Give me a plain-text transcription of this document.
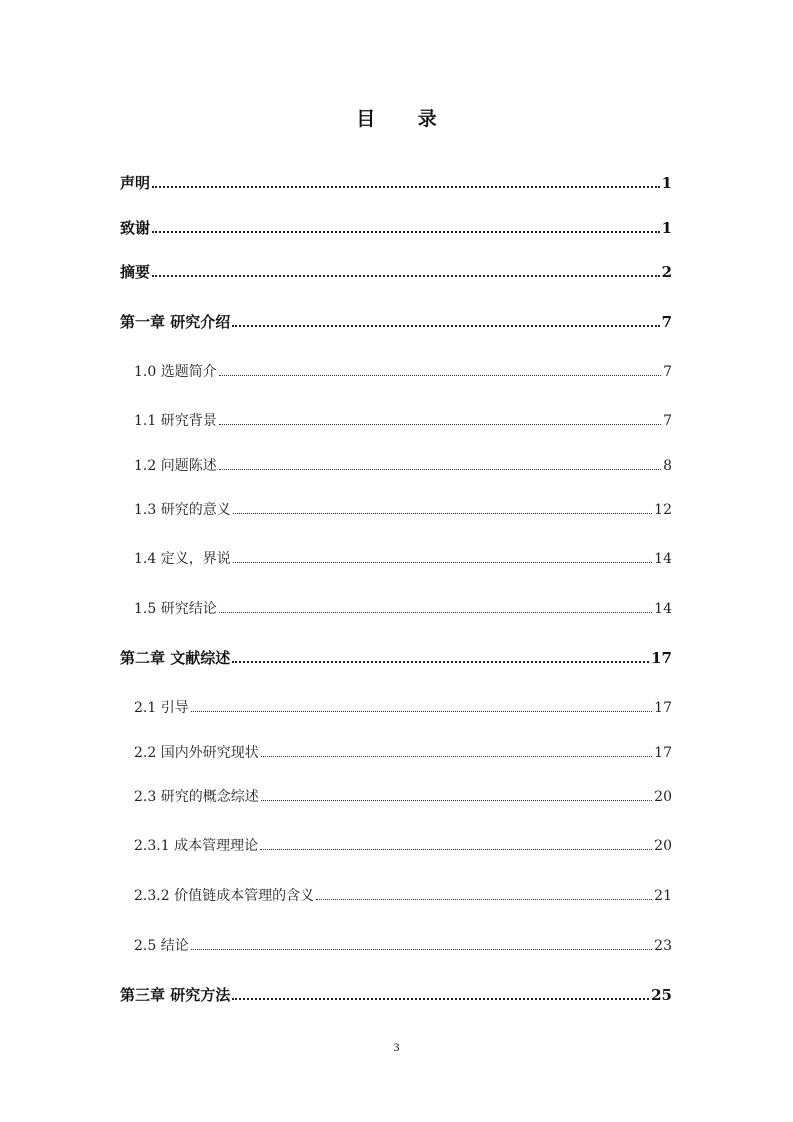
目 录
声明	1
致谢	1
摘要	2
第一章 研究介绍	7
1.0 选题简介	7
1.1 研究背景	7
1.2 问题陈述	8
1.3 研究的意义	12
1.4 定义，界说	14
1.5 研究结论	14
第二章 文献综述	17
2.1 引导	17
2.2 国内外研究现状	17
2.3 研究的概念综述	20
2.3.1 成本管理理论	20
2.3.2 价值链成本管理的含义	21
2.5 结论	23
第三章 研究方法	25
3
